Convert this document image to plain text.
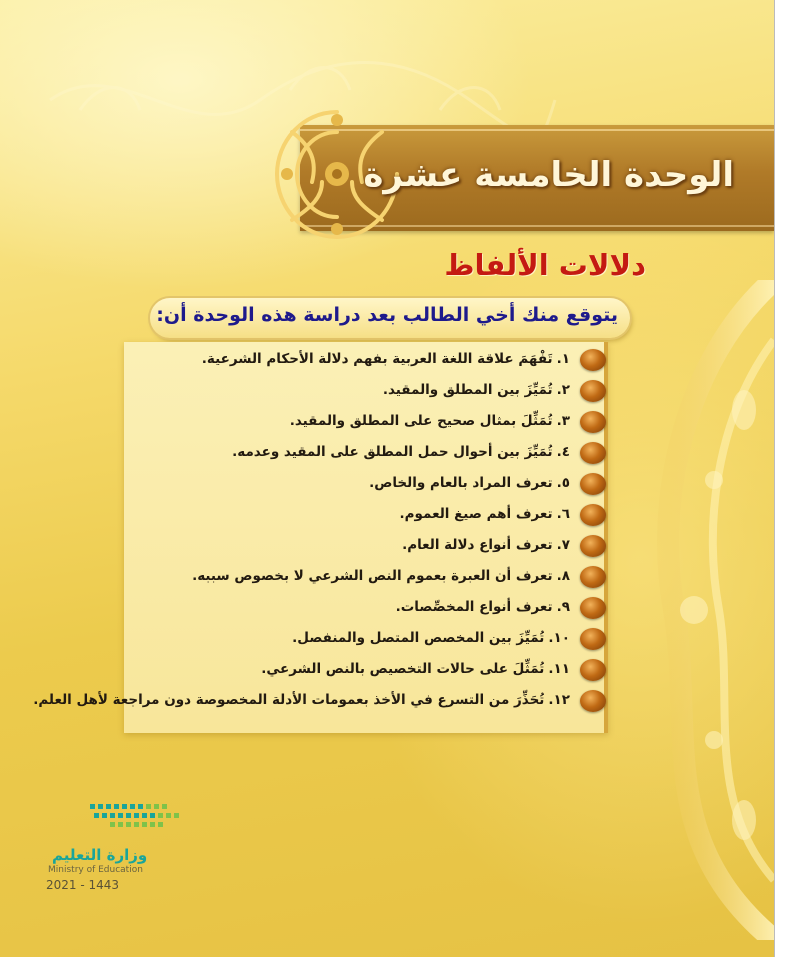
الوحدة الخامسة عشرة
دلالات الألفاظ
يتوقع منك أخي الطالب بعد دراسة هذه الوحدة أن:
١.تَفْهَمَ علاقة اللغة العربية بفهم دلالة الأحكام الشرعية.
٢.تُمَيِّزَ بين المطلق والمقيد.
٣.تُمَثِّلَ بمثال صحيح على المطلق والمقيد.
٤.تُمَيِّزَ بين أحوال حمل المطلق على المقيد وعدمه.
٥.تعرف المراد بالعام والخاص.
٦.تعرف أهم صيغ العموم.
٧.تعرف أنواع دلالة العام.
٨.تعرف أن العبرة بعموم النص الشرعي لا بخصوص سببه.
٩.تعرف أنواع المخصِّصات.
١٠.تُمَيِّزَ بين المخصص المتصل والمنفصل.
١١.تُمَثِّلَ على حالات التخصيص بالنص الشرعي.
١٢.تُحَذِّرَ من التسرع في الأخذ بعمومات الأدلة المخصوصة دون مراجعة لأهل العلم.
وزارة التعليم
Ministry of Education
2021 - 1443
